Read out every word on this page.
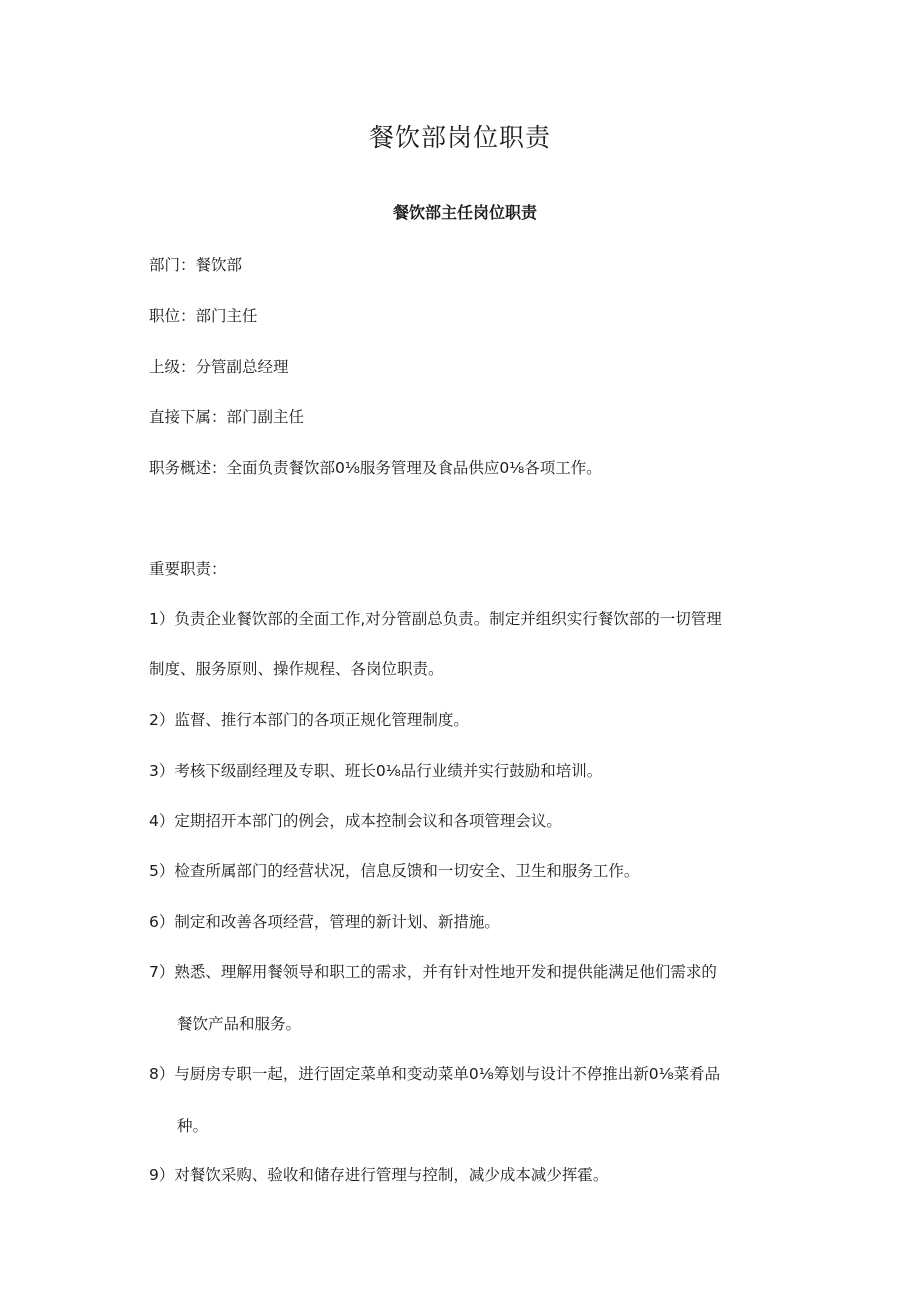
餐饮部岗位职责
餐饮部主任岗位职责
部门：餐饮部
职位：部门主任
上级：分管副总经理
直接下属：部门副主任
职务概述：全面负责餐饮部0⅛服务管理及食品供应0⅛各项工作。
重要职责：
1）负责企业餐饮部的全面工作,对分管副总负责。制定并组织实行餐饮部的一切管理
制度、服务原则、操作规程、各岗位职责。
2）监督、推行本部门的各项正规化管理制度。
3）考核下级副经理及专职、班长0⅛品行业绩并实行鼓励和培训。
4）定期招开本部门的例会，成本控制会议和各项管理会议。
5）检查所属部门的经营状况，信息反馈和一切安全、卫生和服务工作。
6）制定和改善各项经营，管理的新计划、新措施。
7）熟悉、理解用餐领导和职工的需求，并有针对性地开发和提供能满足他们需求的
餐饮产品和服务。
8）与厨房专职一起，进行固定菜单和变动菜单0⅛筹划与设计不停推出新0⅛菜肴品
种。
9）对餐饮采购、验收和储存进行管理与控制，减少成本减少挥霍。
